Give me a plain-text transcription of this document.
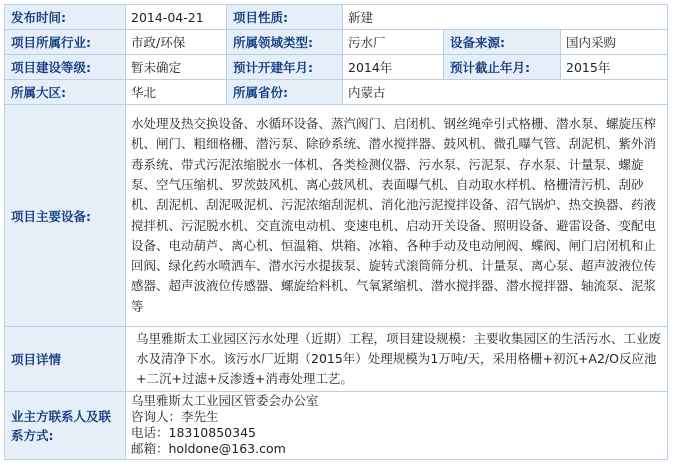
发布时间:	2014-04-21	项目性质:	新建		
项目所属行业:	市政/环保	所属领域类型:	污水厂	设备来源:	国内采购
项目建设等级:	暂未确定	预计开建年月:	2014年	预计截止年月:	2015年
所属大区:	华北	所属省份:	内蒙古		
项目主要设备:	水处理及热交换设备、水循环设备、蒸汽阀门、启闭机、钢丝绳牵引式格栅、潜水泵、螺旋压榨机、闸门、粗细格栅、潜污泵、除砂系统、潜水搅拌器、鼓风机、微孔曝气管、刮泥机、紫外消毒系统、带式污泥浓缩脱水一体机、各类检测仪器、污水泵、污泥泵、存水泵、计量泵、螺旋泵、空气压缩机、罗茨鼓风机、离心鼓风机、表面曝气机、自动取水样机、格栅清污机、刮砂机、刮泥机、刮泥吸泥机、污泥浓缩刮泥机、消化池污泥搅拌设备、沼气锅炉、热交换器、药液搅拌机、污泥脱水机、交直流电动机、变速电机、启动开关设备、照明设备、避雷设备、变配电设备、电动葫芦、离心机、恒温箱、烘箱、冰箱、各种手动及电动闸阀、蝶阀、闸门启闭机和止回阀、绿化药水喷洒车、潜水污水提拔泵、旋转式滚筒筛分机、计量泵、离心泵、超声波液位传感器、超声波液位传感器、螺旋给料机、气氧紧缩机、潜水搅拌器、潜水搅拌器、轴流泵、泥浆等				
项目详情	乌里雅斯太工业园区污水处理（近期）工程，项目建设规模：主要收集园区的生活污水、工业废水及清净下水。该污水厂近期（2015年）处理规模为1万吨/天，采用格栅+初沉+A2/O反应池+二沉+过滤+反渗透+消毒处理工艺。				
业主方联系人及联系方式:	乌里雅斯太工业园区管委会办公室
咨询人：李先生
电话：18310850345
邮箱：holdone@163.com				
